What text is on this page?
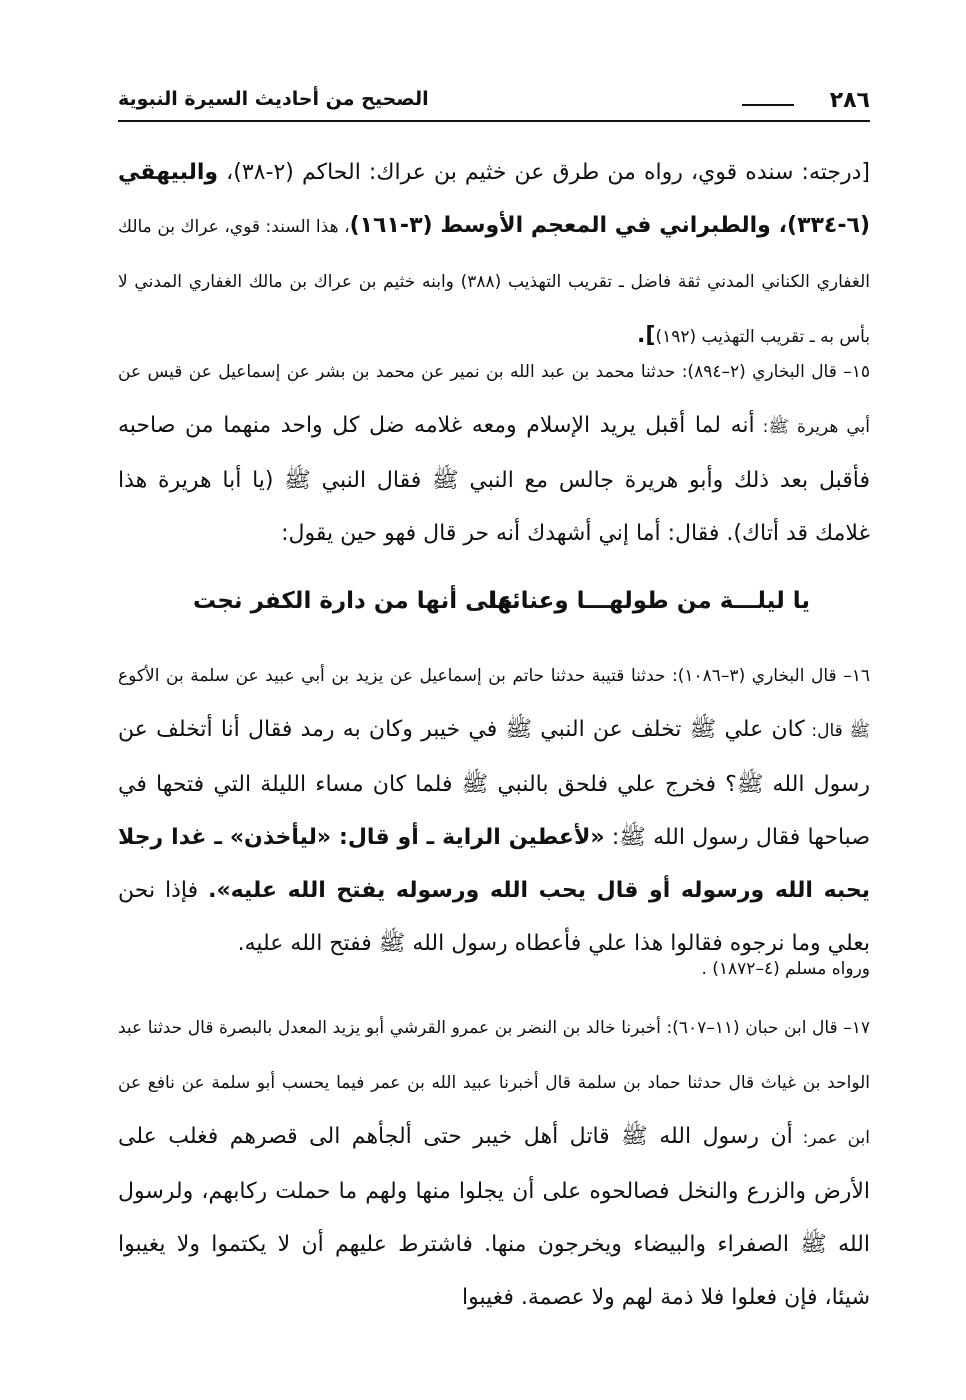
٢٨٦
الصحيح من أحاديث السيرة النبوية
[درجته: سنده قوي، رواه من طرق عن خثيم بن عراك: الحاكم (٢-٣٨)، والبيهقي (٦-٣٣٤)، والطبراني في المعجم الأوسط (٣-١٦١)، هذا السند: قوي، عراك بن مالك الغفاري الكناني المدني ثقة فاضل ـ تقريب التهذيب (٣٨٨) وابنه خثيم بن عراك بن مالك الغفاري المدني لا بأس به ـ تقريب التهذيب (١٩٢)].
١٥– قال البخاري (٢–٨٩٤): حدثنا محمد بن عبد الله بن نمير عن محمد بن بشر عن إسماعيل عن قيس عن أبي هريرة ﷺ: أنه لما أقبل يريد الإسلام ومعه غلامه ضل كل واحد منهما من صاحبه فأقبل بعد ذلك وأبو هريرة جالس مع النبي ﷺ فقال النبي ﷺ (يا أبا هريرة هذا غلامك قد أتاك). فقال: أما إني أشهدك أنه حر قال فهو حين يقول:
يا ليلـــة من طولهـــا وعنائها
على أنها من دارة الكفر نجت
١٦– قال البخاري (٣–١٠٨٦): حدثنا قتيبة حدثنا حاتم بن إسماعيل عن يزيد بن أبي عبيد عن سلمة بن الأكوع ﷺ قال: كان علي ﷺ تخلف عن النبي ﷺ في خيبر وكان به رمد فقال أنا أتخلف عن رسول الله ﷺ؟ فخرج علي فلحق بالنبي ﷺ فلما كان مساء الليلة التي فتحها في صباحها فقال رسول الله ﷺ: «لأعطين الراية ـ أو قال: «ليأخذن» ـ غدا رجلا يحبه الله ورسوله أو قال يحب الله ورسوله يفتح الله عليه». فإذا نحن بعلي وما نرجوه فقالوا هذا علي فأعطاه رسول الله ﷺ ففتح الله عليه.
ورواه مسلم (٤–١٨٧٢) .
١٧– قال ابن حبان (١١–٦٠٧): أخبرنا خالد بن النضر بن عمرو القرشي أبو يزيد المعدل بالبصرة قال حدثنا عبد الواحد بن غياث قال حدثنا حماد بن سلمة قال أخبرنا عبيد الله بن عمر فيما يحسب أبو سلمة عن نافع عن ابن عمر: أن رسول الله ﷺ قاتل أهل خيبر حتى ألجأهم الى قصرهم فغلب على الأرض والزرع والنخل فصالحوه على أن يجلوا منها ولهم ما حملت ركابهم، ولرسول الله ﷺ الصفراء والبيضاء ويخرجون منها. فاشترط عليهم أن لا يكتموا ولا يغيبوا شيئا، فإن فعلوا فلا ذمة لهم ولا عصمة. فغيبوا
